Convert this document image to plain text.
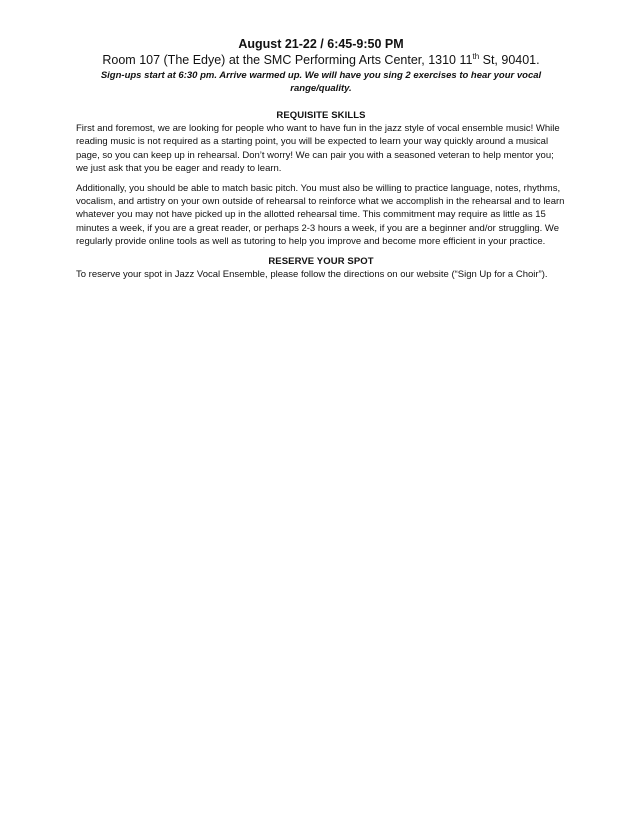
August 21-22 / 6:45-9:50 PM
Room 107 (The Edye) at the SMC Performing Arts Center, 1310 11th St, 90401.
Sign-ups start at 6:30 pm. Arrive warmed up. We will have you sing 2 exercises to hear your vocal range/quality.
REQUISITE SKILLS

First and foremost, we are looking for people who want to have fun in the jazz style of vocal ensemble music! While reading music is not required as a starting point, you will be expected to learn your way quickly around a musical page, so you can keep up in rehearsal. Don’t worry! We can pair you with a seasoned veteran to help mentor you; we just ask that you be eager and ready to learn.

Additionally, you should be able to match basic pitch. You must also be willing to practice language, notes, rhythms, vocalism, and artistry on your own outside of rehearsal to reinforce what we accomplish in the rehearsal and to learn whatever you may not have picked up in the allotted rehearsal time. This commitment may require as little as 15 minutes a week, if you are a great reader, or perhaps 2-3 hours a week, if you are a beginner and/or struggling. We regularly provide online tools as well as tutoring to help you improve and become more efficient in your practice.

RESERVE YOUR SPOT

To reserve your spot in Jazz Vocal Ensemble, please follow the directions on our website (“Sign Up for a Choir”).
